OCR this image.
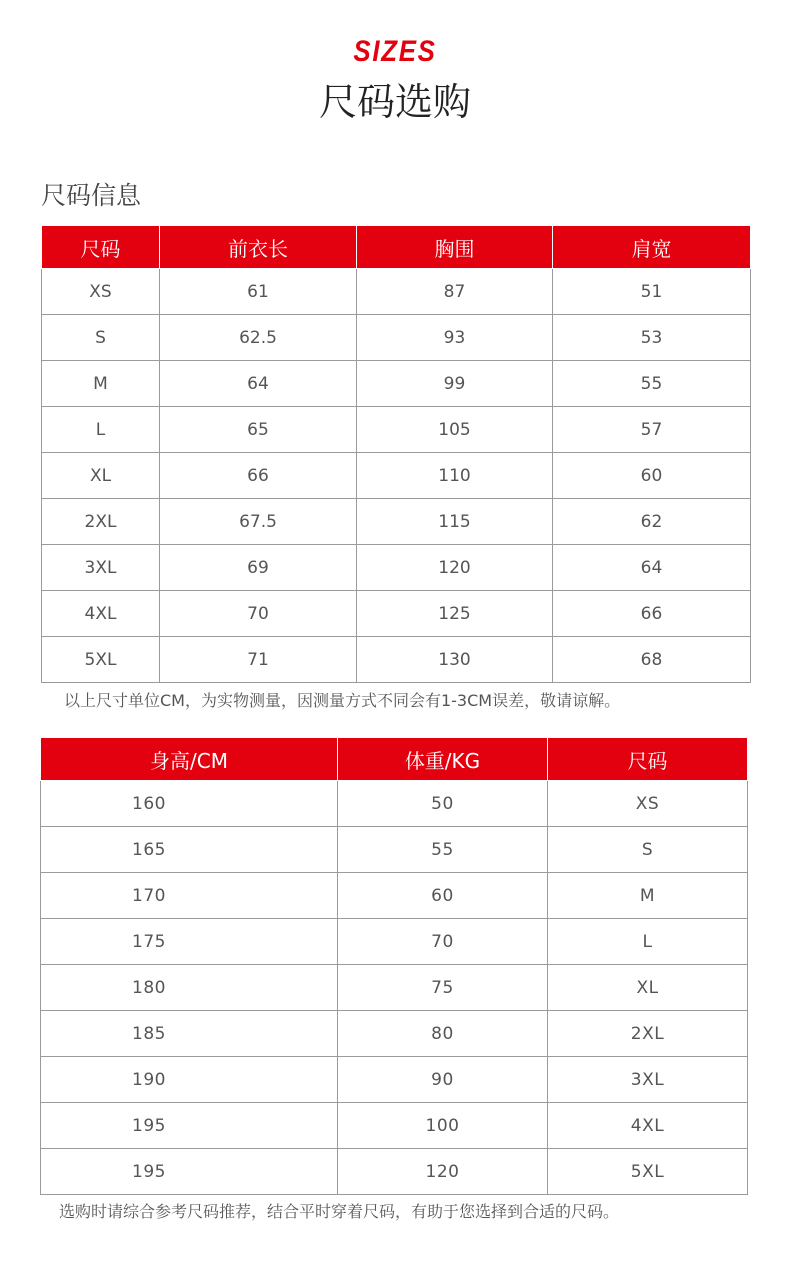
SIZES
尺码选购
尺码信息
尺码	前衣长	胸围	肩宽
XS	61	87	51
S	62.5	93	53
M	64	99	55
L	65	105	57
XL	66	110	60
2XL	67.5	115	62
3XL	69	120	64
4XL	70	125	66
5XL	71	130	68
以上尺寸单位CM，为实物测量，因测量方式不同会有1-3CM误差，敬请谅解。
身高/CM	体重/KG	尺码
160	50	XS
165	55	S
170	60	M
175	70	L
180	75	XL
185	80	2XL
190	90	3XL
195	100	4XL
195	120	5XL
选购时请综合参考尺码推荐，结合平时穿着尺码，有助于您选择到合适的尺码。
